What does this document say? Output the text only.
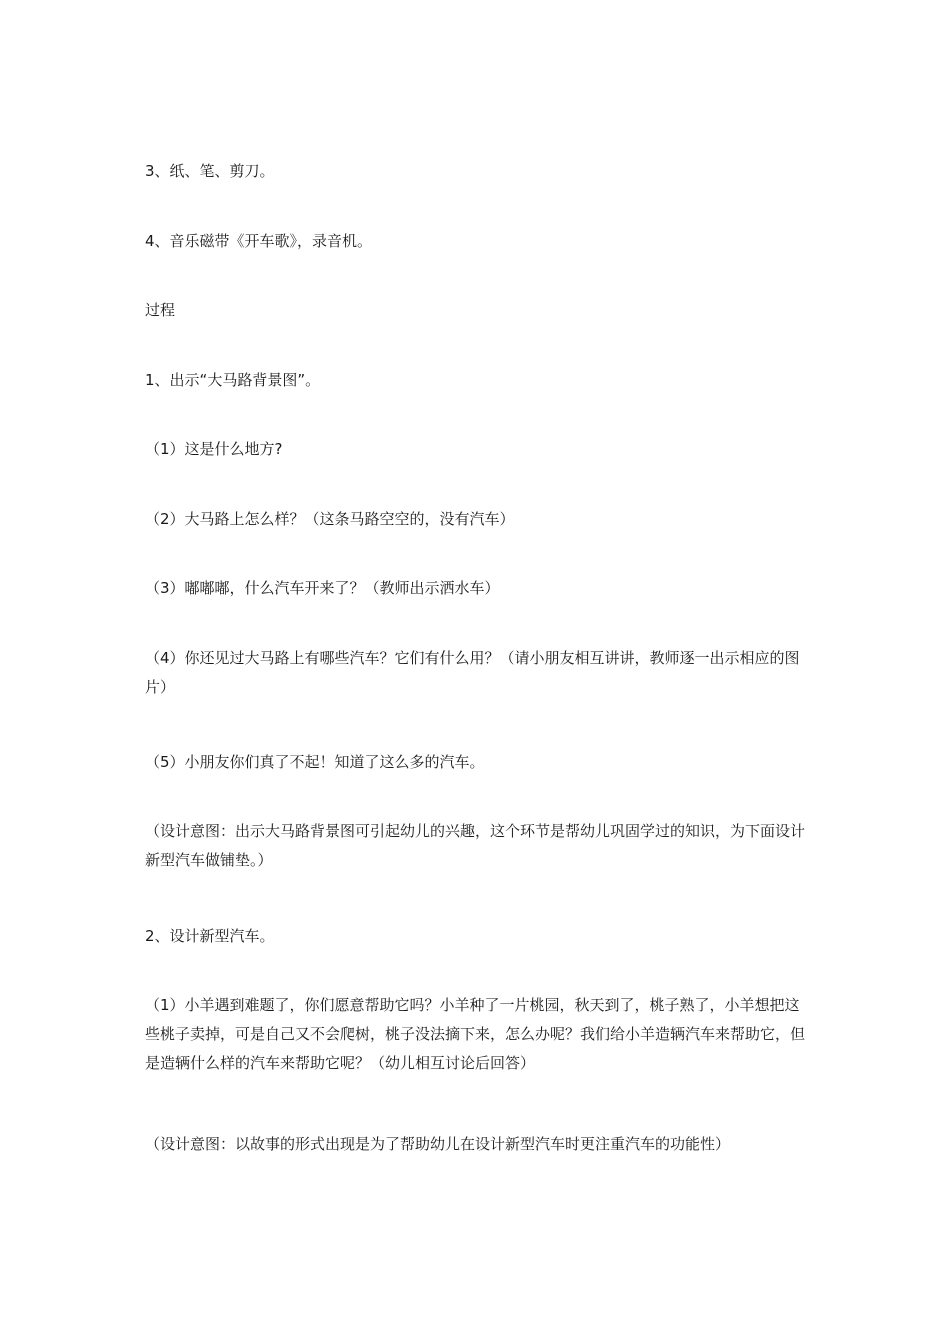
3、纸、笔、剪刀。

4、音乐磁带《开车歌》，录音机。

过程

1、出示“大马路背景图”。

（1）这是什么地方?

（2）大马路上怎么样？（这条马路空空的，没有汽车）

（3）嘟嘟嘟，什么汽车开来了？（教师出示洒水车）

（4）你还见过大马路上有哪些汽车？它们有什么用？（请小朋友相互讲讲，教师逐一出示相应的图片）

（5）小朋友你们真了不起！知道了这么多的汽车。

（设计意图：出示大马路背景图可引起幼儿的兴趣，这个环节是帮幼儿巩固学过的知识，为下面设计新型汽车做铺垫。）

2、设计新型汽车。

（1）小羊遇到难题了，你们愿意帮助它吗？小羊种了一片桃园，秋天到了，桃子熟了，小羊想把这些桃子卖掉，可是自己又不会爬树，桃子没法摘下来，怎么办呢？我们给小羊造辆汽车来帮助它，但是造辆什么样的汽车来帮助它呢？（幼儿相互讨论后回答）

（设计意图：以故事的形式出现是为了帮助幼儿在设计新型汽车时更注重汽车的功能性）
